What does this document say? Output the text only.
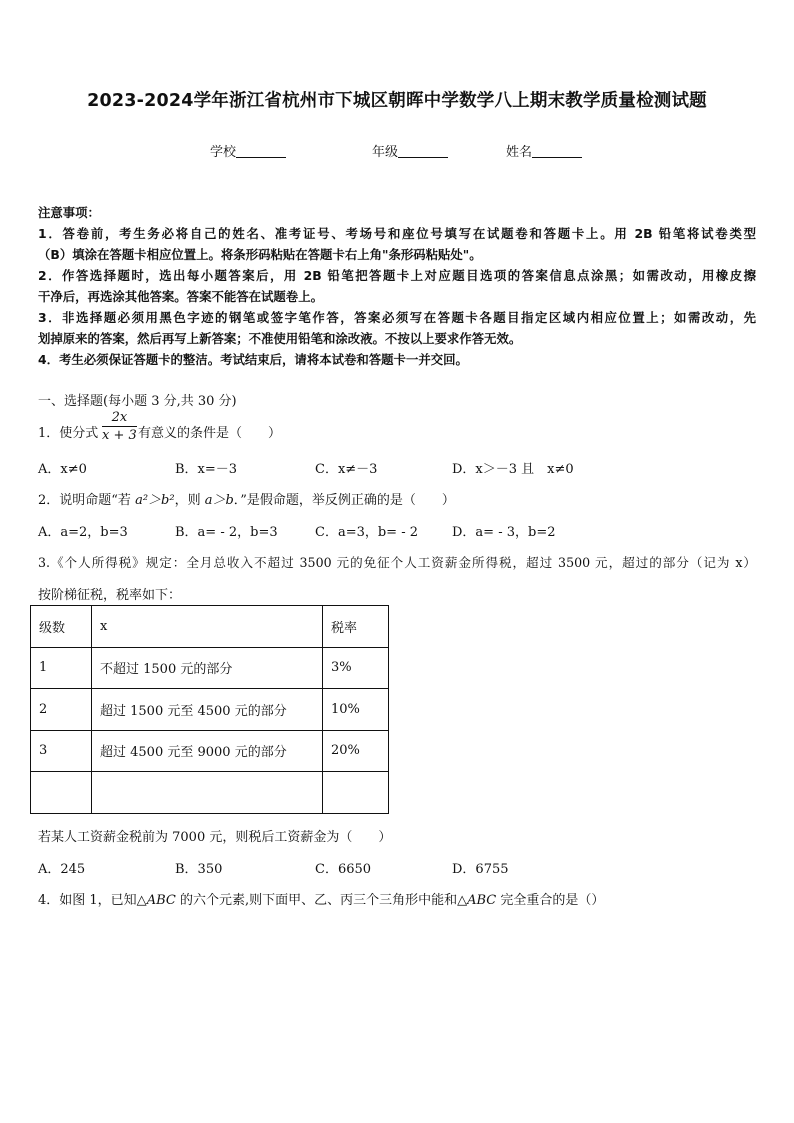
2023-2024学年浙江省杭州市下城区朝晖中学数学八上期末教学质量检测试题
学校	年级	姓名
注意事项：
1．答卷前，考生务必将自己的姓名、准考证号、考场号和座位号填写在试题卷和答题卡上。用 2B 铅笔将试卷类型
（B）填涂在答题卡相应位置上。将条形码粘贴在答题卡右上角"条形码粘贴处"。
2．作答选择题时，选出每小题答案后，用 2B 铅笔把答题卡上对应题目选项的答案信息点涂黑；如需改动，用橡皮擦
干净后，再选涂其他答案。答案不能答在试题卷上。
3．非选择题必须用黑色字迹的钢笔或签字笔作答，答案必须写在答题卡各题目指定区域内相应位置上；如需改动，先
划掉原来的答案，然后再写上新答案；不准使用铅笔和涂改液。不按以上要求作答无效。
4．考生必须保证答题卡的整洁。考试结束后，请将本试卷和答题卡一并交回。
一、选择题(每小题 3 分,共 30 分)
1．使分式 $\frac{2x}{x + 3}$ 有意义的条件是（　　）
A．x≠0	B．x=－3	C．x≠－3	D．x＞－3 且　x≠0
2．说明命题“若 a²＞b²，则 a＞b．”是假命题，举反例正确的是（　　）
A．a=2，b=3	B．a= - 2，b=3	C．a=3，b= - 2	D．a= - 3，b=2
3.《个人所得税》规定：全月总收入不超过 3500 元的免征个人工资薪金所得税，超过 3500 元，超过的部分（记为 x）
按阶梯征税，税率如下：
级数	x	税率
1	不超过 1500 元的部分	3%
2	超过 1500 元至 4500 元的部分	10%
3	超过 4500 元至 9000 元的部分	20%

若某人工资薪金税前为 7000 元，则税后工资薪金为（　　）
A．245	B．350	C．6650	D．6755
4．如图 1，已知△ABC 的六个元素,则下面甲、乙、丙三个三角形中能和△ABC 完全重合的是（）
